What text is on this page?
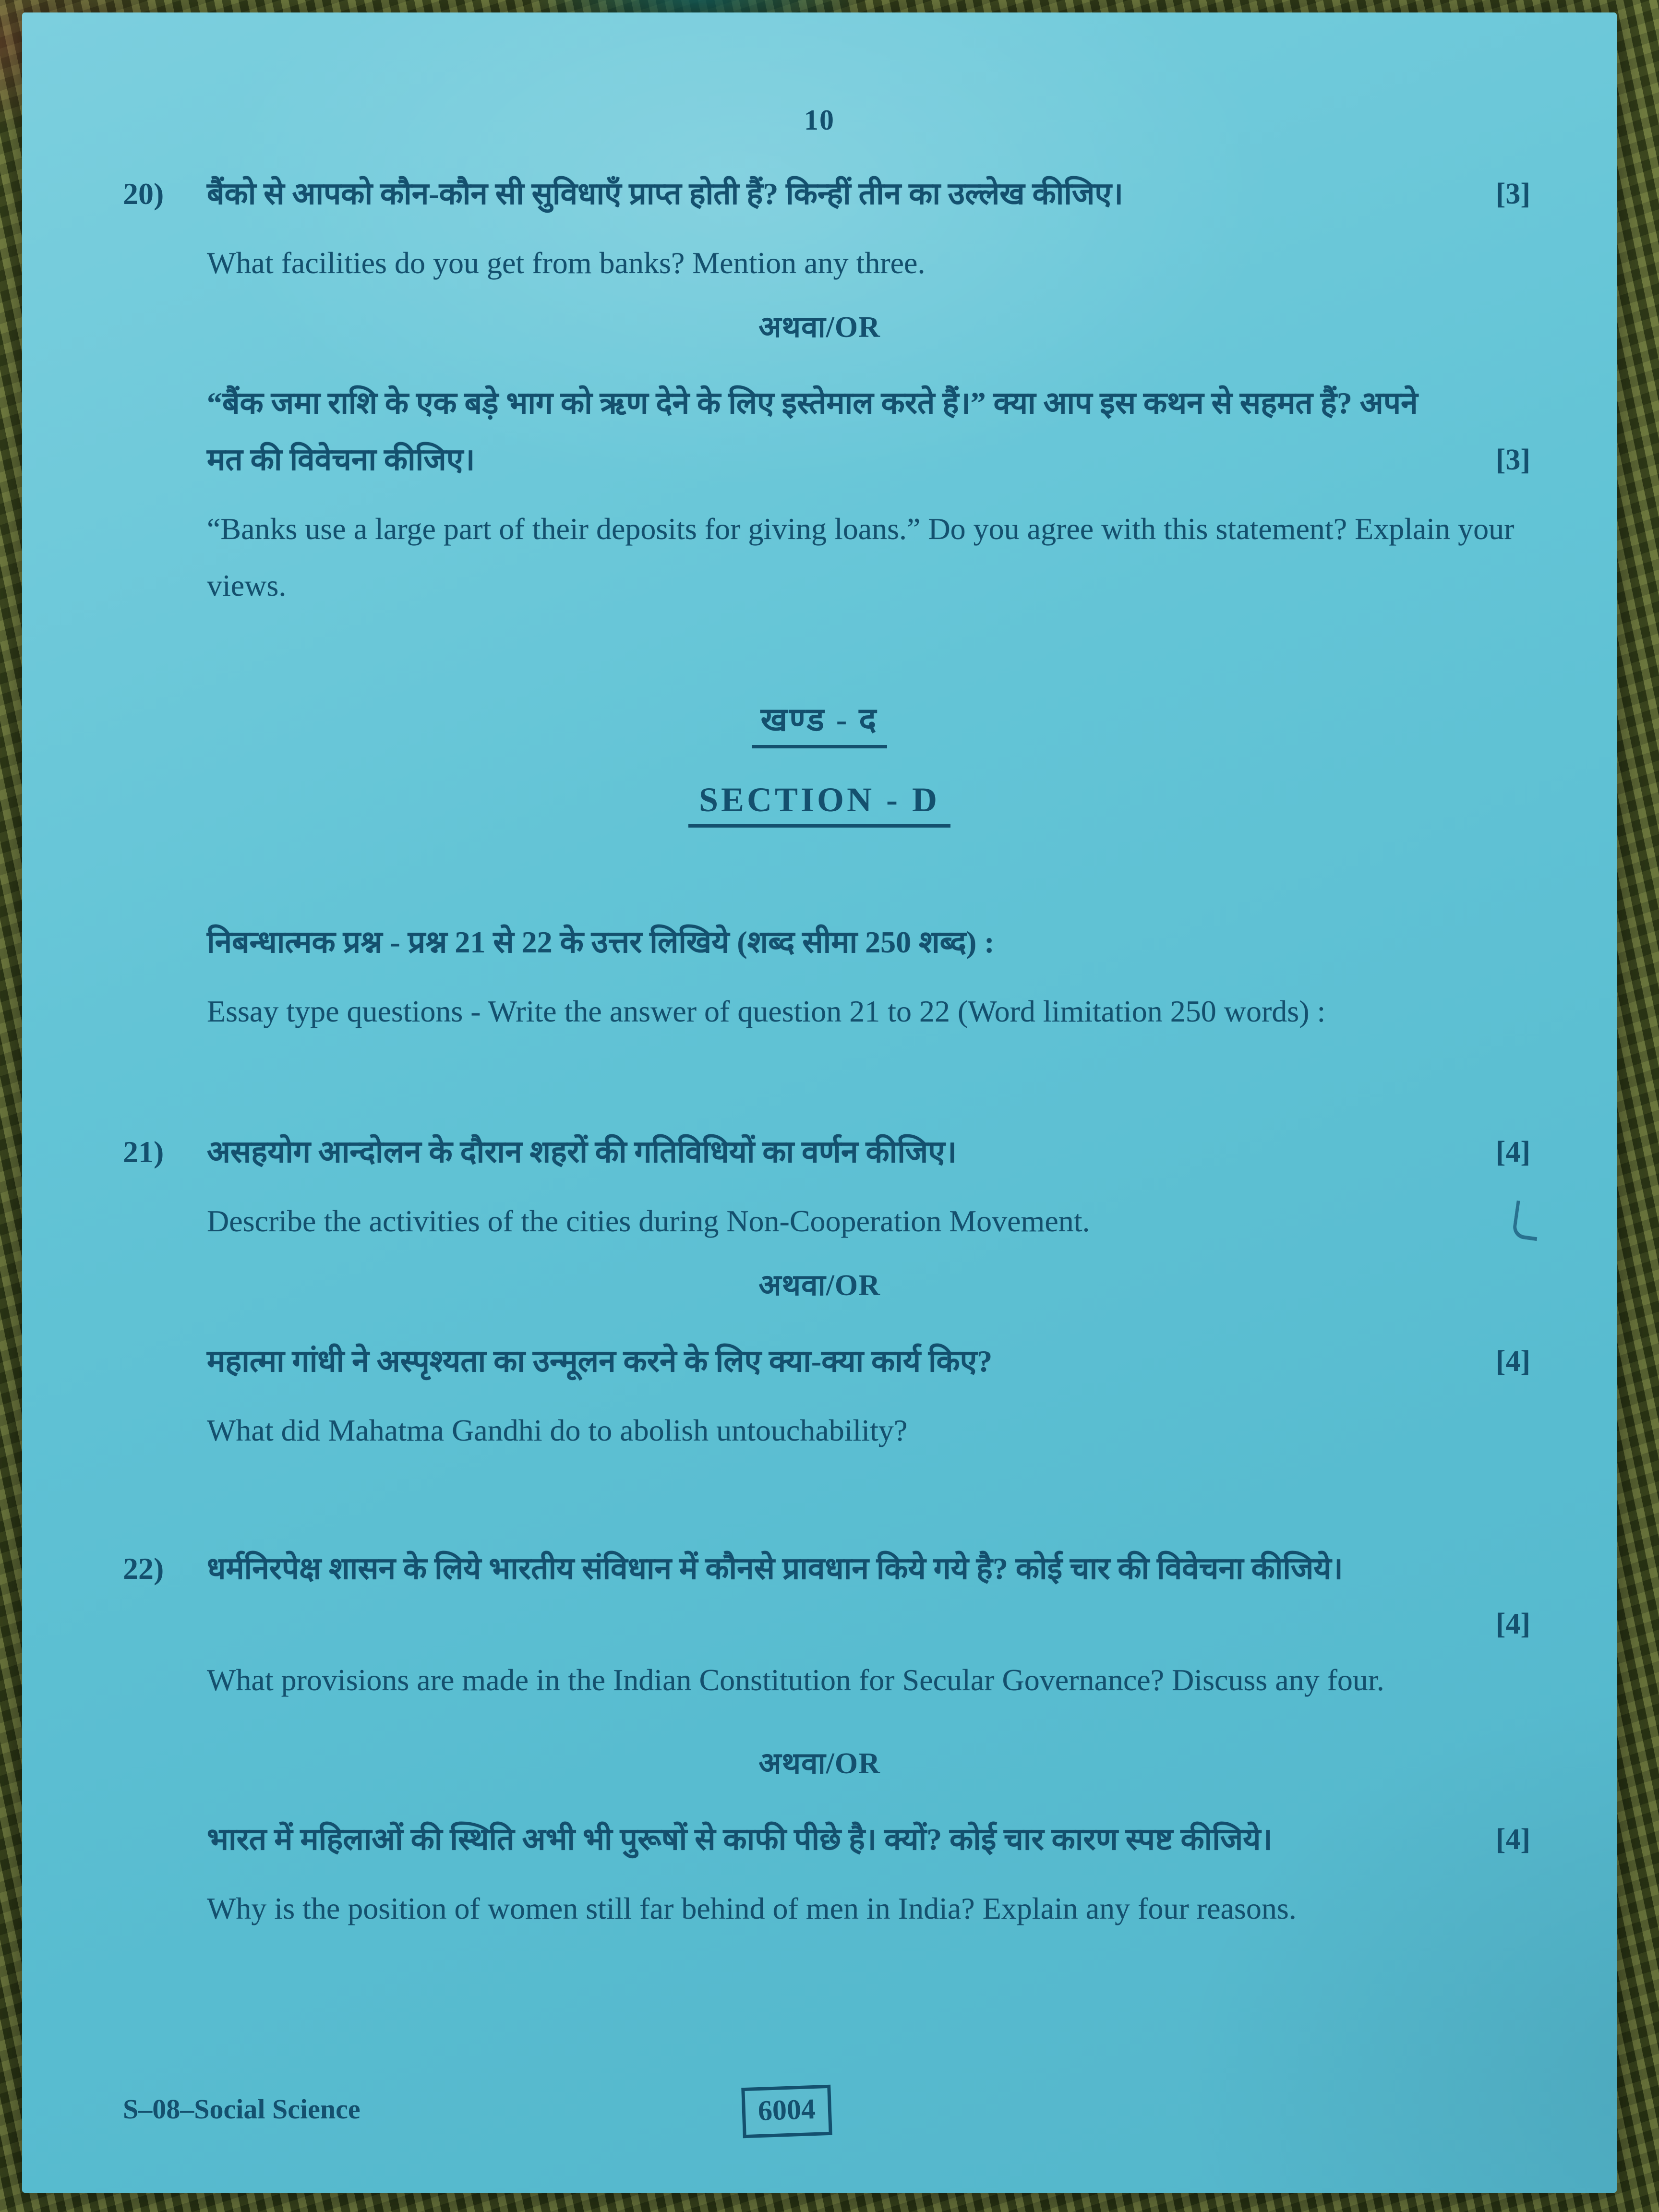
10
20)	बैंको से आपको कौन-कौन सी सुविधाएँ प्राप्त होती हैं? किन्हीं तीन का उल्लेख कीजिए।	[3]
What facilities do you get from banks? Mention any three.
अथवा/OR
“बैंक जमा राशि के एक बड़े भाग को ऋण देने के लिए इस्तेमाल करते हैं।” क्या आप इस कथन से सहमत हैं? अपने मत की विवेचना कीजिए।	[3]
“Banks use a large part of their deposits for giving loans.” Do you agree with this statement? Explain your views.
खण्ड - द
SECTION - D
निबन्धात्मक प्रश्न - प्रश्न 21 से 22 के उत्तर लिखिये (शब्द सीमा 250 शब्द) :
Essay type questions - Write the answer of question 21 to 22 (Word limitation 250 words) :
21)	असहयोग आन्दोलन के दौरान शहरों की गतिविधियों का वर्णन कीजिए।	[4]
Describe the activities of the cities during Non-Cooperation Movement.
अथवा/OR
महात्मा गांधी ने अस्पृश्यता का उन्मूलन करने के लिए क्या-क्या कार्य किए?	[4]
What did Mahatma Gandhi do to abolish untouchability?
22)	धर्मनिरपेक्ष शासन के लिये भारतीय संविधान में कौनसे प्रावधान किये गये है? कोई चार की विवेचना कीजिये।
[4]
What provisions are made in the Indian Constitution for Secular Governance? Discuss any four.
अथवा/OR
भारत में महिलाओं की स्थिति अभी भी पुरूषों से काफी पीछे है। क्यों? कोई चार कारण स्पष्ट कीजिये।	[4]
Why is the position of women still far behind of men in India? Explain any four reasons.
S–08–Social Science	6004
